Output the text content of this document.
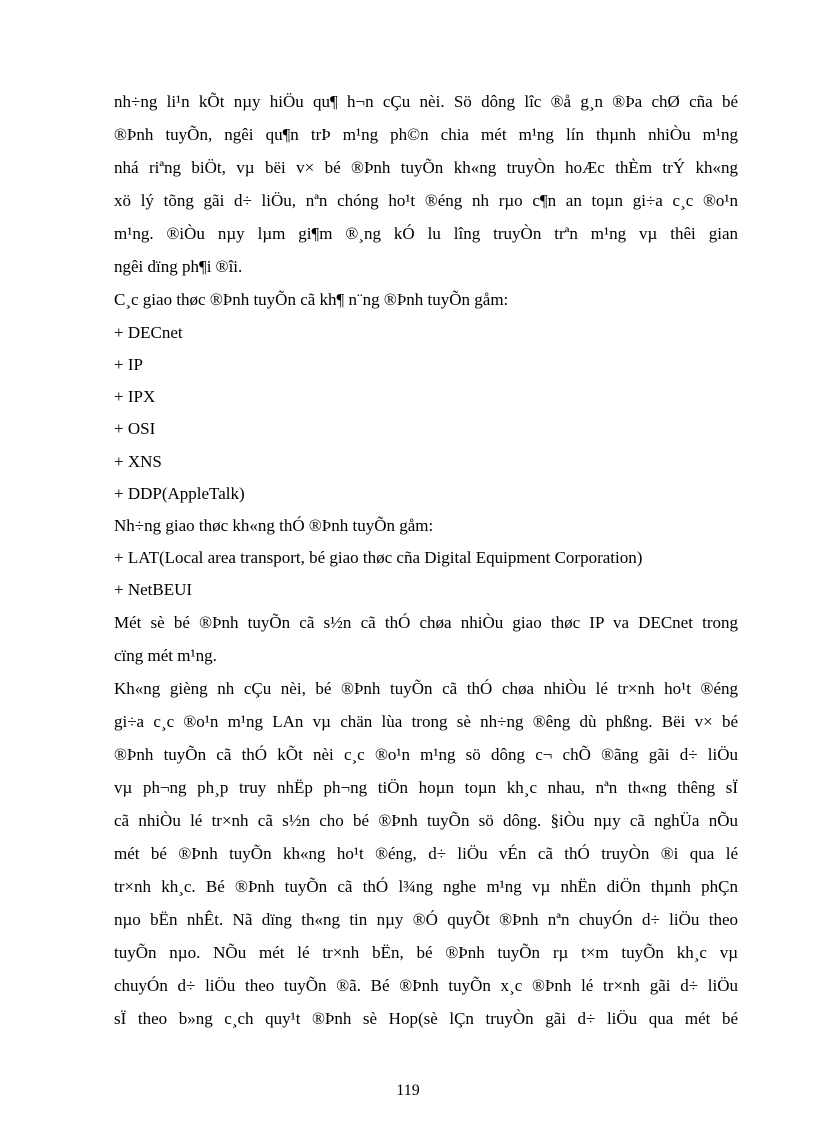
nh÷ng li¹n kÕt nµy hiÖu qu¶ h¬n cÇu nèi. Sö dông lîc ®å g¸n ®Þa chØ cña bé
®Þnh tuyÕn, ngêi qu¶n trÞ m¹ng ph©n chia mét m¹ng lín thµnh nhiÒu m¹ng
nhá riªng biÖt, vµ bëi v× bé ®Þnh tuyÕn kh«ng truyÒn hoÆc thÈm trÝ kh«ng
xö lý tõng gãi d÷ liÖu, nªn chóng ho¹t ®éng nh rµo c¶n an toµn gi÷a c¸c ®o¹n
m¹ng. ®iÒu nµy lµm gi¶m ®¸ng kÓ lu lîng truyÒn trªn m¹ng vµ thêi gian
ngêi dïng ph¶i ®îi.
C¸c giao thøc ®Þnh tuyÕn cã kh¶ n¨ng ®Þnh tuyÕn gåm:
+ DECnet
+ IP
+ IPX
+ OSI
+ XNS
+ DDP(AppleTalk)
Nh÷ng giao thøc kh«ng thÓ ®Þnh tuyÕn gåm:
+ LAT(Local area transport, bé giao thøc cña Digital Equipment Corporation)
+ NetBEUI
Mét sè bé ®Þnh tuyÕn cã s½n cã thÓ chøa nhiÒu giao thøc IP va DECnet trong
cïng mét m¹ng.
Kh«ng gièng nh cÇu nèi, bé ®Þnh tuyÕn cã thÓ chøa nhiÒu lé tr×nh ho¹t ®éng
gi÷a c¸c ®o¹n m¹ng LAn vµ chän lùa trong sè nh÷ng ®êng dù phßng. Bëi v× bé
®Þnh tuyÕn cã thÓ kÕt nèi c¸c ®o¹n m¹ng sö dông c¬ chÕ ®ãng gãi d÷ liÖu
vµ ph¬ng ph¸p truy nhËp ph¬ng tiÖn hoµn toµn kh¸c nhau, nªn th«ng thêng sÏ
cã nhiÒu lé tr×nh cã s½n cho bé ®Þnh tuyÕn sö dông. §iÒu nµy cã nghÜa nÕu
mét bé ®Þnh tuyÕn kh«ng ho¹t ®éng, d÷ liÖu vÉn cã thÓ truyÒn ®i qua lé
tr×nh kh¸c. Bé ®Þnh tuyÕn cã thÓ l¾ng nghe m¹ng vµ nhËn diÖn thµnh phÇn
nµo bËn nhÊt. Nã dïng th«ng tin nµy ®Ó quyÕt ®Þnh nªn chuyÓn d÷ liÖu theo
tuyÕn nµo. NÕu mét lé tr×nh bËn, bé ®Þnh tuyÕn rµ t×m tuyÕn kh¸c vµ
chuyÓn d÷ liÖu theo tuyÕn ®ã. Bé ®Þnh tuyÕn x¸c ®Þnh lé tr×nh gãi d÷ liÖu
sÏ theo b»ng c¸ch quy¹t ®Þnh sè Hop(sè lÇn truyÒn gãi d÷ liÖu qua mét bé
119
